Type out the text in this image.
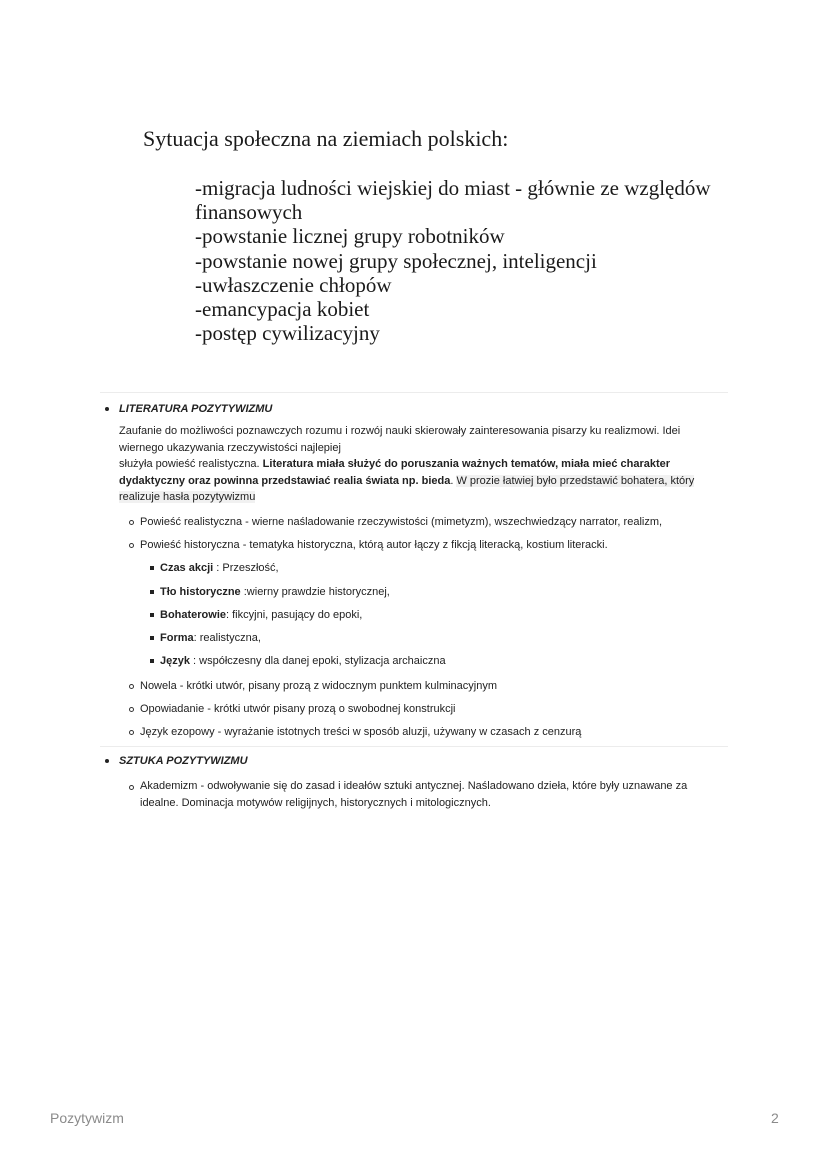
Sytuacja społeczna na ziemiach polskich:
-migracja ludności wiejskiej do miast - głównie ze względów finansowych
-powstanie licznej grupy robotników
-powstanie nowej grupy społecznej, inteligencji
-uwłaszczenie chłopów
-emancypacja kobiet
-postęp cywilizacyjny
LITERATURA POZYTYWIZMU
Zaufanie do możliwości poznawczych rozumu i rozwój nauki skierowały zainteresowania pisarzy ku realizmowi. Idei wiernego ukazywania rzeczywistości najlepiej
służyła powieść realistyczna. Literatura miała służyć do poruszania ważnych tematów, miała mieć charakter dydaktyczny oraz powinna przedstawiać realia świata np. bieda. W prozie łatwiej było przedstawić bohatera, który realizuje hasła pozytywizmu
Powieść realistyczna - wierne naśladowanie rzeczywistości (mimetyzm), wszechwiedzący narrator, realizm,
Powieść historyczna - tematyka historyczna, którą autor łączy z fikcją literacką, kostium literacki.
Czas akcji : Przeszłość,
Tło historyczne :wierny prawdzie historycznej,
Bohaterowie: fikcyjni, pasujący do epoki,
Forma: realistyczna,
Język : współczesny dla danej epoki, stylizacja archaiczna
Nowela - krótki utwór, pisany prozą z widocznym punktem kulminacyjnym
Opowiadanie - krótki utwór pisany prozą o swobodnej konstrukcji
Język ezopowy - wyrażanie istotnych treści w sposób aluzji, używany w czasach z cenzurą
SZTUKA POZYTYWIZMU
Akademizm - odwoływanie się do zasad i ideałów sztuki antycznej. Naśladowano dzieła, które były uznawane za idealne. Dominacja motywów religijnych, historycznych i mitologicznych.
Pozytywizm	2
